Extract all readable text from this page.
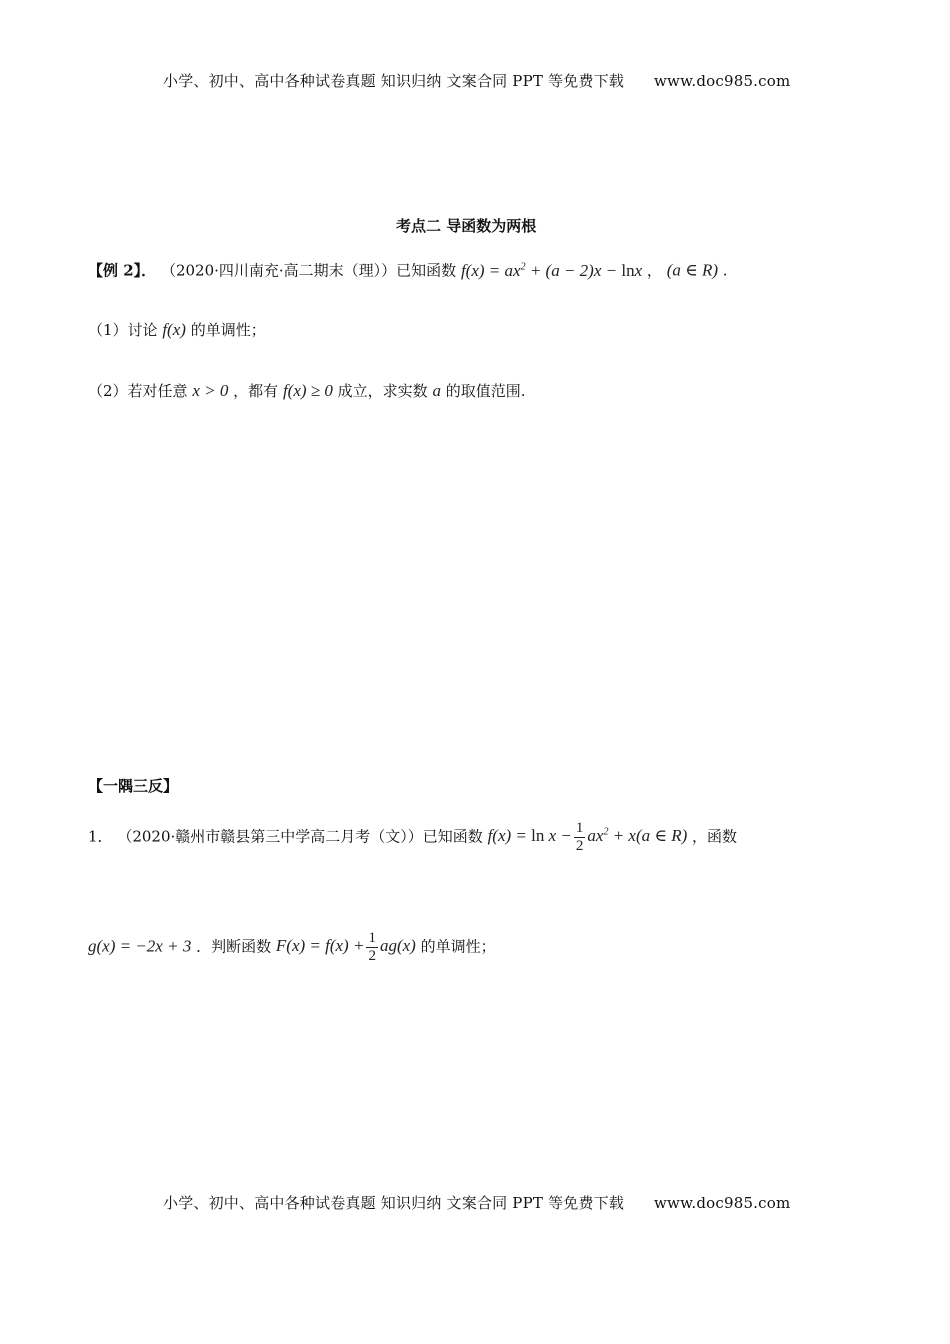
小学、初中、高中各种试卷真题 知识归纳 文案合同 PPT 等免费下载 www.doc985.com
考点二 导函数为两根
【例 2】． （2020·四川南充·高二期末（理））已知函数 $f(x) = ax^2 + (a - 2)x - \ln x$ ， (a ∈ R) .
（1）讨论 f(x) 的单调性；
（2）若对任意 x > 0 ，都有 f(x) ≥ 0 成立，求实数 a 的取值范围.
【一隅三反】
1． （2020·赣州市赣县第三中学高二月考（文））已知函数 $f(x) = \ln x - \frac{1}{2} ax^2 + x(a$ ∈ R) ，函数
g(x) = −2x + 3 ．判断函数 $F(x) = f(x) + \frac{1}{2} ag(x)$ 的单调性；
小学、初中、高中各种试卷真题 知识归纳 文案合同 PPT 等免费下载 www.doc985.com
